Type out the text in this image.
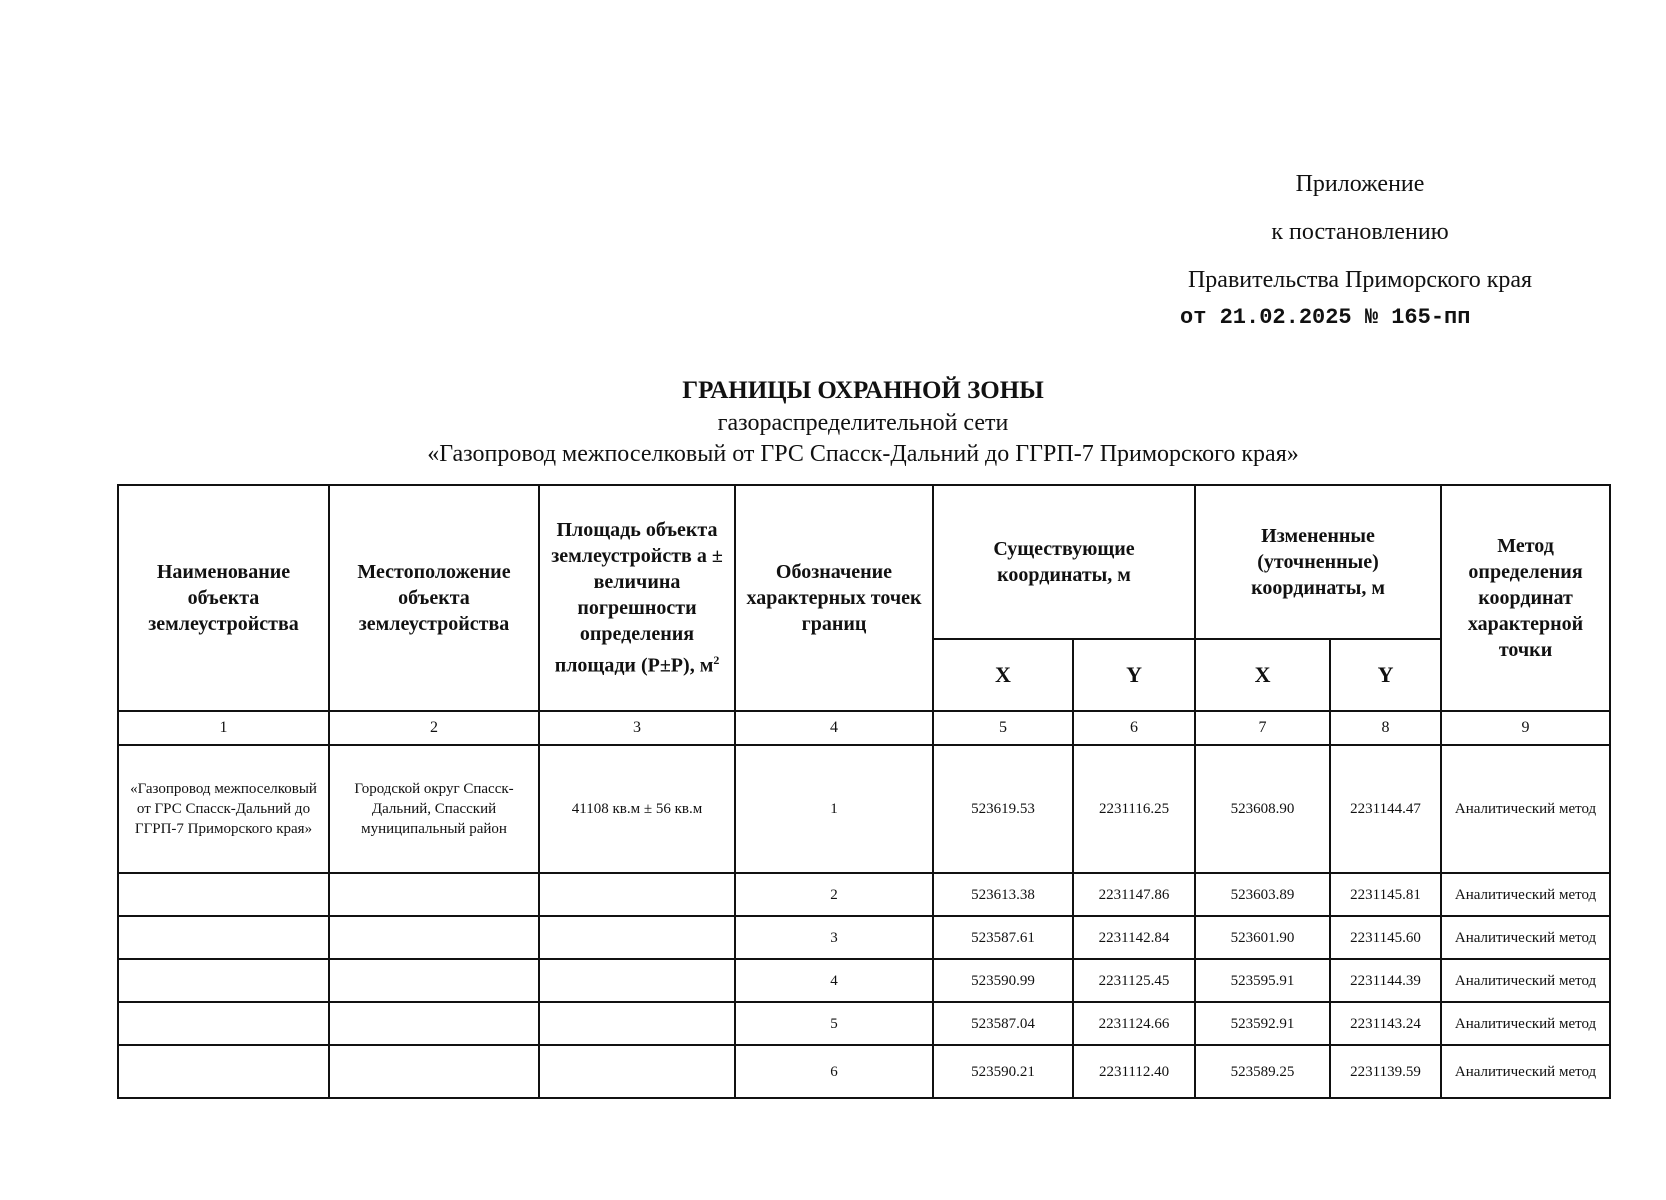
Приложение
к постановлению
Правительства Приморского края
от 21.02.2025 № 165-пп
ГРАНИЦЫ ОХРАННОЙ ЗОНЫ
газораспределительной сети
«Газопровод межпоселковый от ГРС Спасск-Дальний до ГГРП-7 Приморского края»
Наименование объекта землеустройства	Местоположение объекта землеустройства	Площадь объекта землеустройств а ± величина погрешности определения площади (Р±Р), $м^2$	Обозначение характерных точек границ	Существующие координаты, м		Измененные (уточненные) координаты, м		Метод определения координат характерной точки
				X	Y	X	Y	
1	2	3	4	5	6	7	8	9
«Газопровод межпоселковый от ГРС Спасск-Дальний до ГГРП-7 Приморского края»	Городской округ Спасск-Дальний, Спасский муниципальный район	41108 кв.м ± 56 кв.м	1	523619.53	2231116.25	523608.90	2231144.47	Аналитический метод
			2	523613.38	2231147.86	523603.89	2231145.81	Аналитический метод
			3	523587.61	2231142.84	523601.90	2231145.60	Аналитический метод
			4	523590.99	2231125.45	523595.91	2231144.39	Аналитический метод
			5	523587.04	2231124.66	523592.91	2231143.24	Аналитический метод
			6	523590.21	2231112.40	523589.25	2231139.59	Аналитический метод
